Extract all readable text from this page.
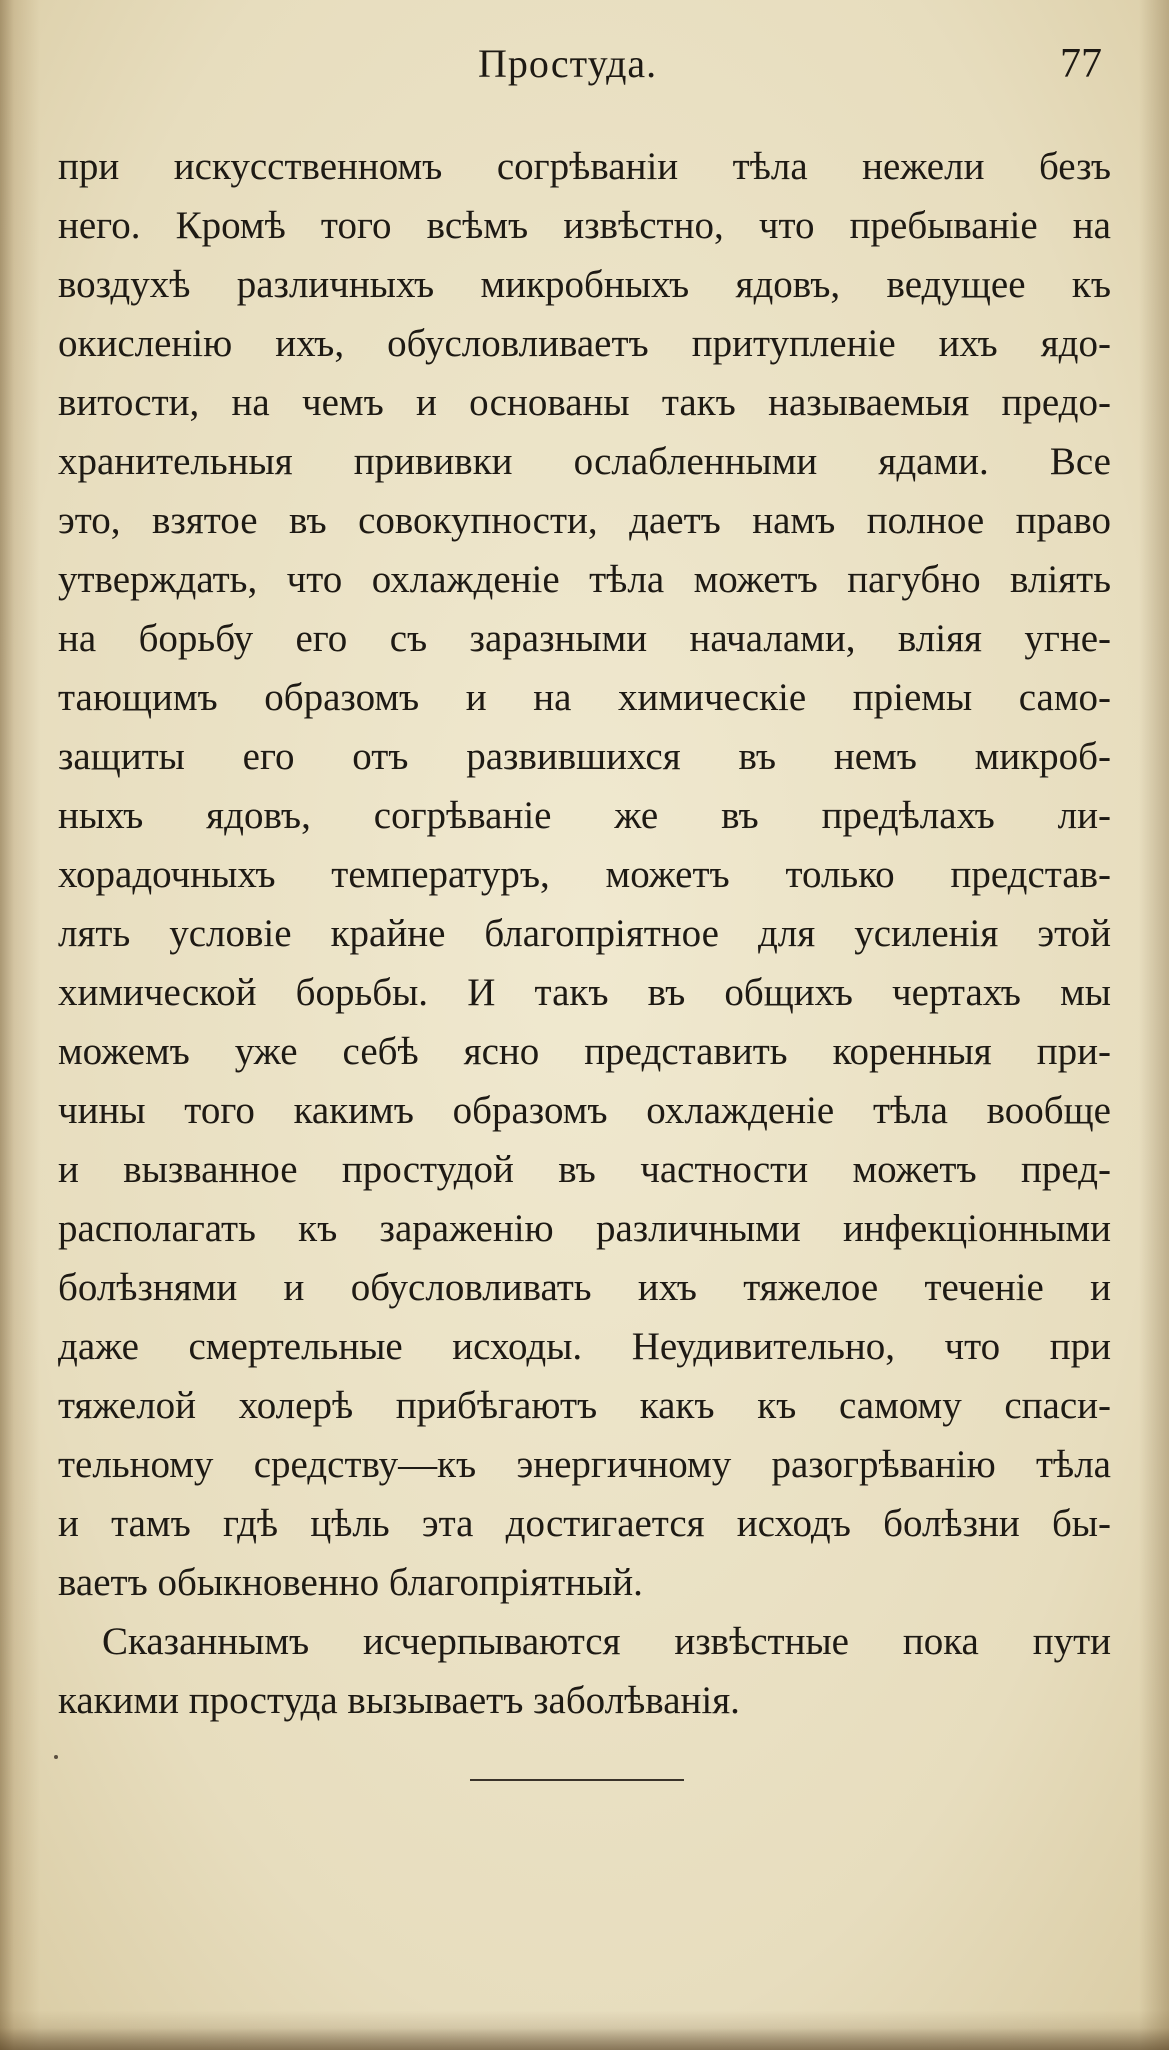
Простуда.	77
при искусственномъ согрѣваніи тѣла нежели безъ
него. Кромѣ того всѣмъ извѣстно, что пребываніе на
воздухѣ различныхъ микробныхъ ядовъ, ведущее къ
окисленію ихъ, обусловливаетъ притупленіе ихъ ядо-
витости, на чемъ и основаны такъ называемыя предо-
хранительныя прививки ослабленными ядами. Все
это, взятое въ совокупности, даетъ намъ полное право
утверждать, что охлажденіе тѣла можетъ пагубно влiять
на борьбу его съ заразными началами, вліяя угне-
тающимъ образомъ и на химическіе пріемы само-
защиты его отъ развившихся въ немъ микроб-
ныхъ ядовъ, согрѣваніе же въ предѣлахъ ли-
хорадочныхъ температуръ, можетъ только представ-
лять условіе крайне благопріятное для усиленія этой
химической борьбы. И такъ въ общихъ чертахъ мы
можемъ уже себѣ ясно представить коренныя при-
чины того какимъ образомъ охлажденіе тѣла вообще
и вызванное простудой въ частности можетъ пред-
располагать къ зараженію различными инфекціонными
болѣзнями и обусловливать ихъ тяжелое теченіе и
даже смертельные исходы. Неудивительно, что при
тяжелой холерѣ прибѣгаютъ какъ къ самому спаси-
тельному средству—къ энергичному разогрѣванію тѣла
и тамъ гдѣ цѣль эта достигается исходъ болѣзни бы-
ваетъ обыкновенно благопріятный.
Сказаннымъ исчерпываются извѣстные пока пути
какими простуда вызываетъ заболѣванія.
